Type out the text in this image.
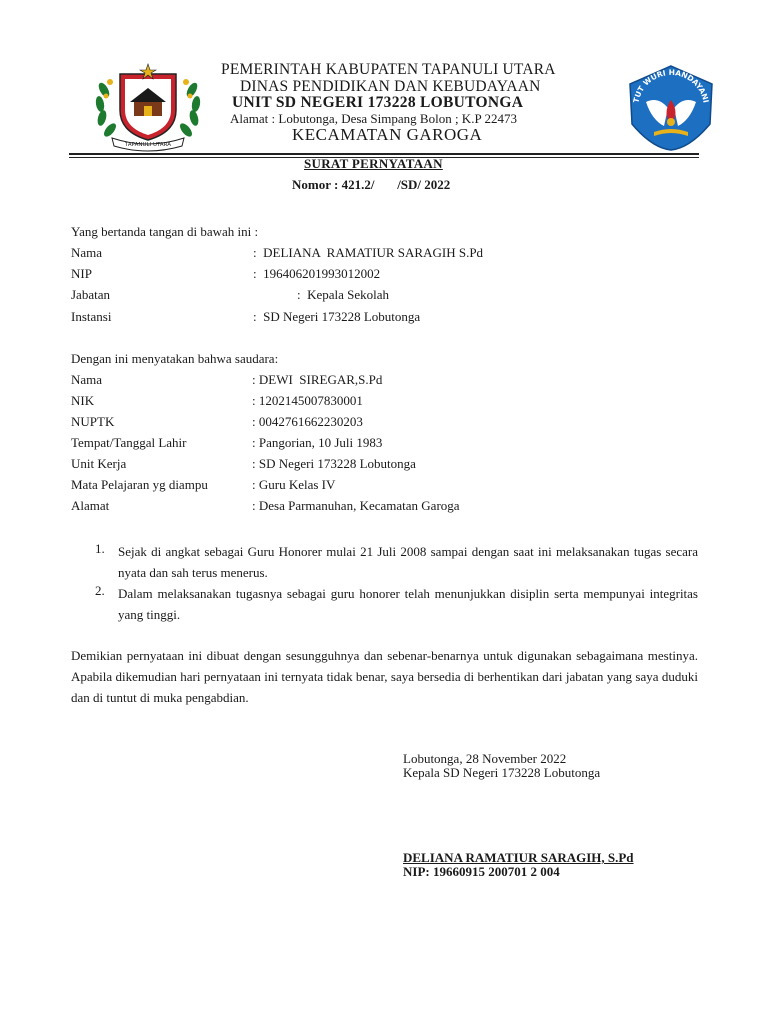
TAPANULI UTARA
TUT WURI HANDAYANI
PEMERINTAH KABUPATEN TAPANULI UTARA
DINAS PENDIDIKAN DAN KEBUDAYAAN
UNIT SD NEGERI 173228 LOBUTONGA
Alamat : Lobutonga, Desa Simpang Bolon ; K.P 22473
KECAMATAN GAROGA
SURAT PERNYATAAN
Nomor : 421.2/       /SD/ 2022
Yang bertanda tangan di bawah ini :
Nama	:  DELIANA  RAMATIUR SARAGIH S.Pd
NIP	:  196406201993012002
Jabatan	:  Kepala Sekolah
Instansi	:  SD Negeri 173228 Lobutonga
Dengan ini menyatakan bahwa saudara:
Nama	: DEWI  SIREGAR,S.Pd
NIK	: 1202145007830001
NUPTK	: 0042761662230203
Tempat/Tanggal Lahir	: Pangorian, 10 Juli 1983
Unit Kerja	: SD Negeri 173228 Lobutonga
Mata Pelajaran yg diampu	: Guru Kelas IV
Alamat	: Desa Parmanuhan, Kecamatan Garoga
1. Sejak di angkat sebagai Guru Honorer mulai 21 Juli 2008 sampai dengan saat ini melaksanakan tugas secara nyata dan sah terus menerus.
2. Dalam melaksanakan tugasnya sebagai guru honorer telah menunjukkan disiplin serta mempunyai integritas yang tinggi.
Demikian pernyataan ini dibuat dengan sesungguhnya dan sebenar-benarnya untuk digunakan sebagaimana mestinya. Apabila dikemudian hari pernyataan ini ternyata tidak benar, saya bersedia di berhentikan dari jabatan yang saya duduki dan di tuntut di muka pengabdian.
Lobutonga, 28 November 2022
Kepala SD Negeri 173228 Lobutonga
DELIANA RAMATIUR SARAGIH, S.Pd
NIP: 19660915 200701 2 004
